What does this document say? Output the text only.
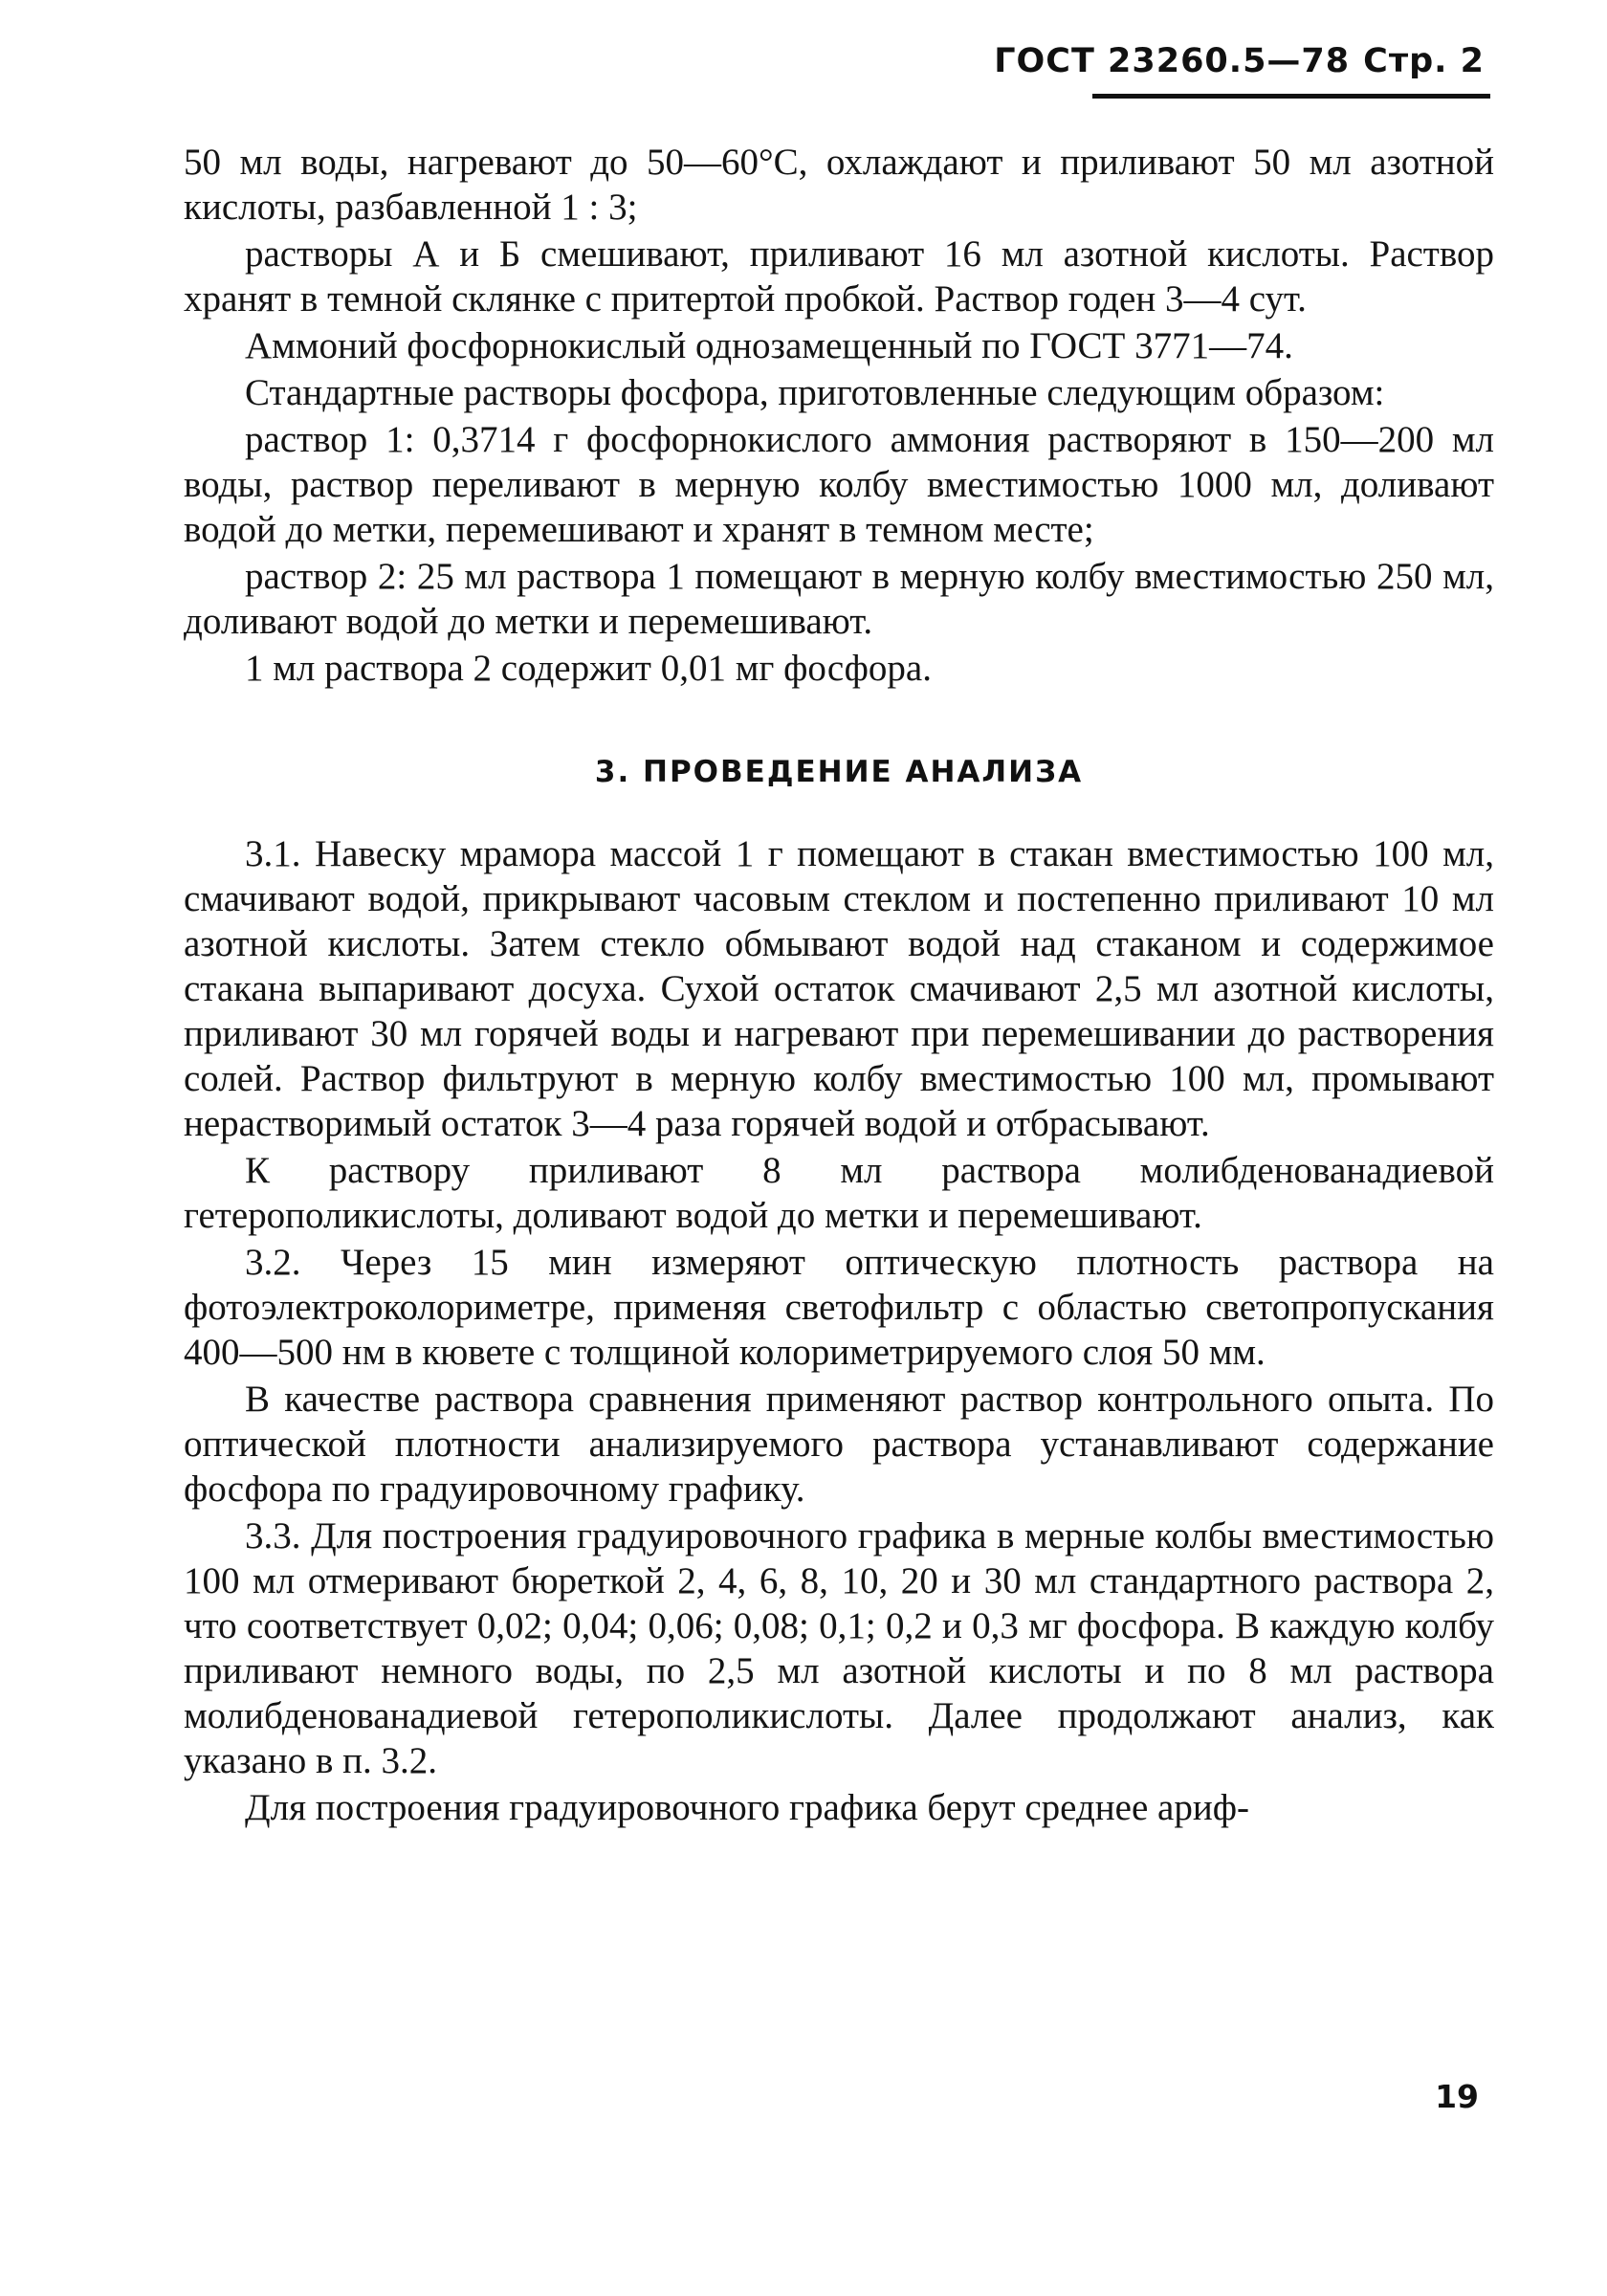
ГОСТ 23260.5—78 Стр. 2

50 мл воды, нагревают до 50—60°С, охлаждают и приливают 50 мл азотной кислоты, разбавленной 1 : 3;

растворы А и Б смешивают, приливают 16 мл азотной кислоты. Раствор хранят в темной склянке с притертой пробкой. Раствор годен 3—4 сут.

Аммоний фосфорнокислый однозамещенный по ГОСТ 3771—74.

Стандартные растворы фосфора, приготовленные следующим образом:

раствор 1: 0,3714 г фосфорнокислого аммония растворяют в 150—200 мл воды, раствор переливают в мерную колбу вместимостью 1000 мл, доливают водой до метки, перемешивают и хранят в темном месте;

раствор 2: 25 мл раствора 1 помещают в мерную колбу вместимостью 250 мл, доливают водой до метки и перемешивают.

1 мл раствора 2 содержит 0,01 мг фосфора.

3. ПРОВЕДЕНИЕ АНАЛИЗА

3.1. Навеску мрамора массой 1 г помещают в стакан вместимостью 100 мл, смачивают водой, прикрывают часовым стеклом и постепенно приливают 10 мл азотной кислоты. Затем стекло обмывают водой над стаканом и содержимое стакана выпаривают досуха. Сухой остаток смачивают 2,5 мл азотной кислоты, приливают 30 мл горячей воды и нагревают при перемешивании до растворения солей. Раствор фильтруют в мерную колбу вместимостью 100 мл, промывают нерастворимый остаток 3—4 раза горячей водой и отбрасывают.

К раствору приливают 8 мл раствора молибденованадиевой гетерополикислоты, доливают водой до метки и перемешивают.

3.2. Через 15 мин измеряют оптическую плотность раствора на фотоэлектроколориметре, применяя светофильтр с областью светопропускания 400—500 нм в кювете с толщиной колориметрируемого слоя 50 мм.

В качестве раствора сравнения применяют раствор контрольного опыта. По оптической плотности анализируемого раствора устанавливают содержание фосфора по градуировочному графику.

3.3. Для построения градуировочного графика в мерные колбы вместимостью 100 мл отмеривают бюреткой 2, 4, 6, 8, 10, 20 и 30 мл стандартного раствора 2, что соответствует 0,02; 0,04; 0,06; 0,08; 0,1; 0,2 и 0,3 мг фосфора. В каждую колбу приливают немного воды, по 2,5 мл азотной кислоты и по 8 мл раствора молибденованадиевой гетерополикислоты. Далее продолжают анализ, как указано в п. 3.2.

Для построения градуировочного графика берут среднее ариф-

19
